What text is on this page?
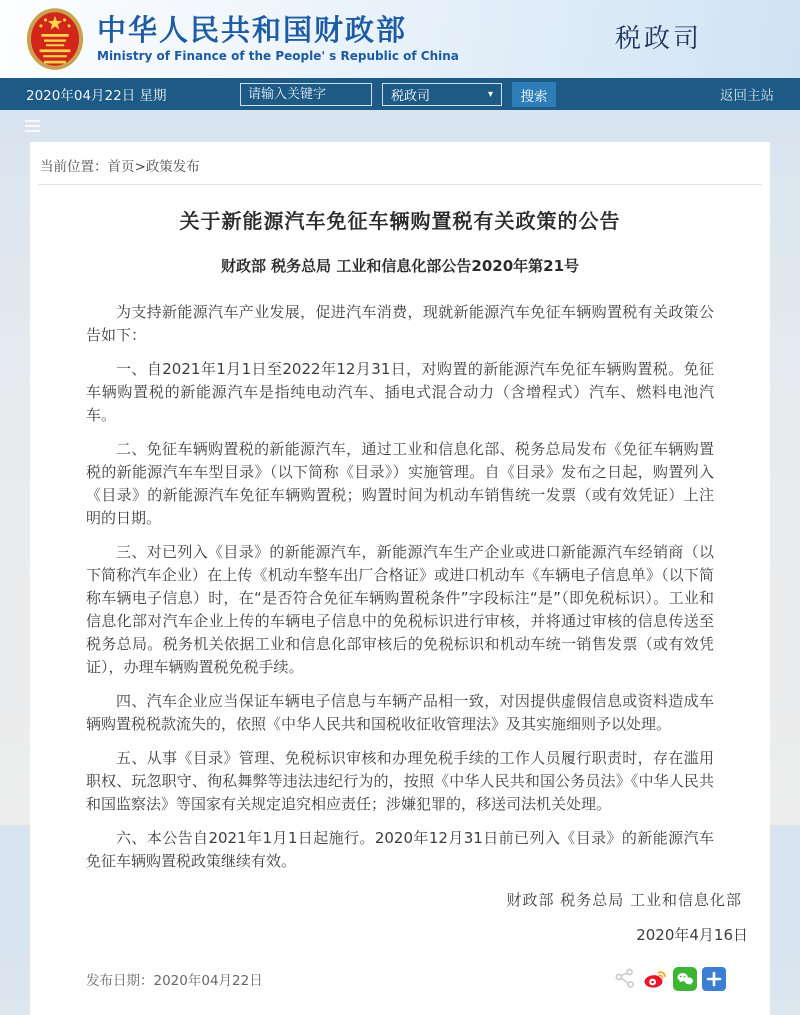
中华人民共和国财政部
Ministry of Finance of the People' s Republic of China
税政司
2020年04月22日 星期
请输入关键字	税政司	▾	搜索	返回主站
当前位置：首页>政策发布
关于新能源汽车免征车辆购置税有关政策的公告
财政部 税务总局 工业和信息化部公告2020年第21号

为支持新能源汽车产业发展，促进汽车消费，现就新能源汽车免征车辆购置税有关政策公告如下：

一、自2021年1月1日至2022年12月31日，对购置的新能源汽车免征车辆购置税。免征车辆购置税的新能源汽车是指纯电动汽车、插电式混合动力（含增程式）汽车、燃料电池汽车。

二、免征车辆购置税的新能源汽车，通过工业和信息化部、税务总局发布《免征车辆购置税的新能源汽车车型目录》（以下简称《目录》）实施管理。自《目录》发布之日起，购置列入《目录》的新能源汽车免征车辆购置税；购置时间为机动车销售统一发票（或有效凭证）上注明的日期。

三、对已列入《目录》的新能源汽车，新能源汽车生产企业或进口新能源汽车经销商（以下简称汽车企业）在上传《机动车整车出厂合格证》或进口机动车《车辆电子信息单》（以下简称车辆电子信息）时，在“是否符合免征车辆购置税条件”字段标注“是”（即免税标识）。工业和信息化部对汽车企业上传的车辆电子信息中的免税标识进行审核，并将通过审核的信息传送至税务总局。税务机关依据工业和信息化部审核后的免税标识和机动车统一销售发票（或有效凭证），办理车辆购置税免税手续。

四、汽车企业应当保证车辆电子信息与车辆产品相一致，对因提供虚假信息或资料造成车辆购置税税款流失的，依照《中华人民共和国税收征收管理法》及其实施细则予以处理。

五、从事《目录》管理、免税标识审核和办理免税手续的工作人员履行职责时，存在滥用职权、玩忽职守、徇私舞弊等违法违纪行为的，按照《中华人民共和国公务员法》《中华人民共和国监察法》等国家有关规定追究相应责任；涉嫌犯罪的，移送司法机关处理。

六、本公告自2021年1月1日起施行。2020年12月31日前已列入《目录》的新能源汽车免征车辆购置税政策继续有效。

财政部 税务总局 工业和信息化部
2020年4月16日
发布日期：2020年04月22日
